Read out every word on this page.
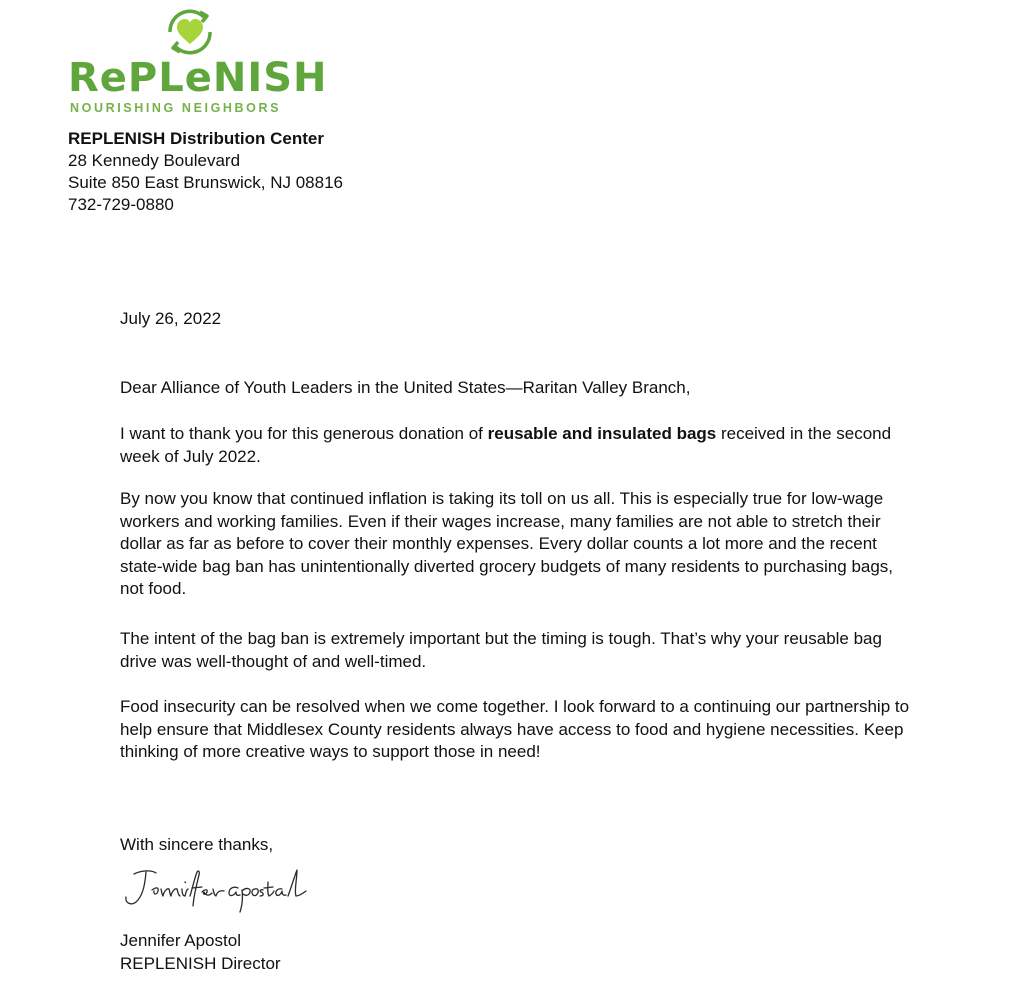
RePLeNISH
NOURISHING NEIGHBORS
REPLENISH Distribution Center
28 Kennedy Boulevard
Suite 850 East Brunswick, NJ 08816
732-729-0880
July 26, 2022
Dear Alliance of Youth Leaders in the United States—Raritan Valley Branch,
I want to thank you for this generous donation of reusable and insulated bags received in the second week of July 2022.
By now you know that continued inflation is taking its toll on us all. This is especially true for low-wage workers and working families. Even if their wages increase, many families are not able to stretch their dollar as far as before to cover their monthly expenses. Every dollar counts a lot more and the recent state-wide bag ban has unintentionally diverted grocery budgets of many residents to purchasing bags, not food.
The intent of the bag ban is extremely important but the timing is tough. That’s why your reusable bag drive was well-thought of and well-timed.
Food insecurity can be resolved when we come together. I look forward to a continuing our partnership to help ensure that Middlesex County residents always have access to food and hygiene necessities. Keep thinking of more creative ways to support those in need!
With sincere thanks,
Jennifer Apostol
REPLENISH Director
